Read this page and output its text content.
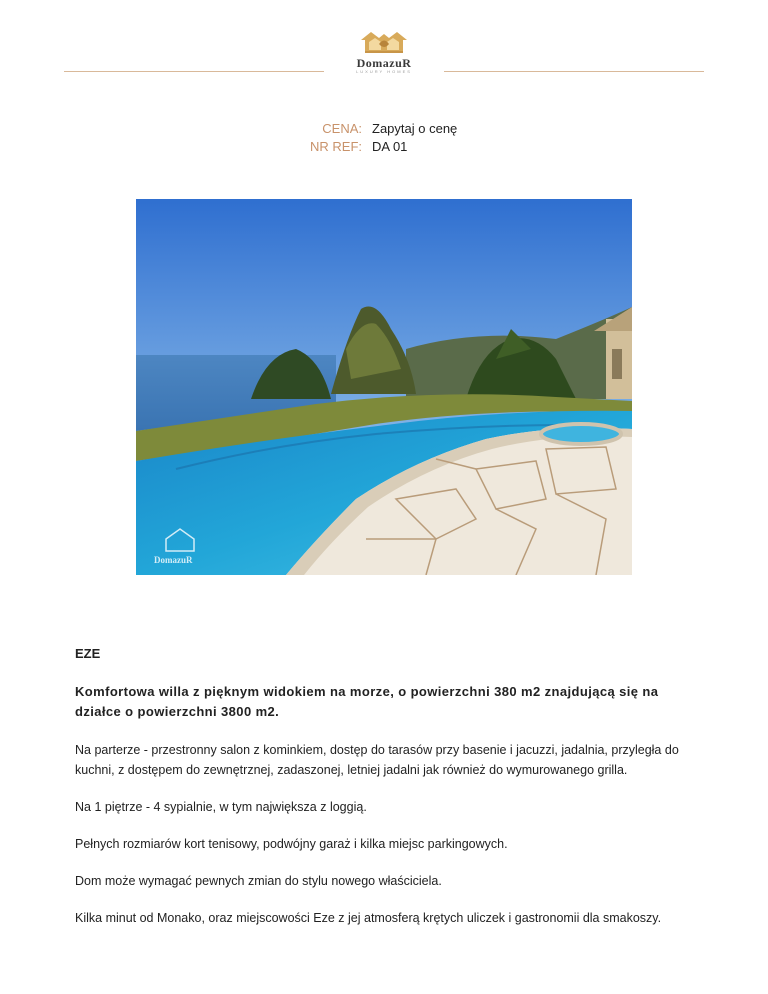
DomazuR
LUXURY HOMES
CENA: Zapytaj o cenę
NR REF: DA 01
DomazuR

EZE

Komfortowa willa z pięknym widokiem na morze, o powierzchni 380 m2 znajdującą się na działce o powierzchni 3800 m2.

Na parterze - przestronny salon z kominkiem, dostęp do tarasów przy basenie i jacuzzi, jadalnia, przyległa do kuchni, z dostępem do zewnętrznej, zadaszonej, letniej jadalni jak również do wymurowanego grilla.

Na 1 piętrze - 4 sypialnie, w tym największa z loggią.

Pełnych rozmiarów kort tenisowy, podwójny garaż i kilka miejsc parkingowych.

Dom może wymagać pewnych zmian do stylu nowego właściciela.

Kilka minut od Monako, oraz miejscowości Eze z jej atmosferą krętych uliczek i gastronomii dla smakoszy.
